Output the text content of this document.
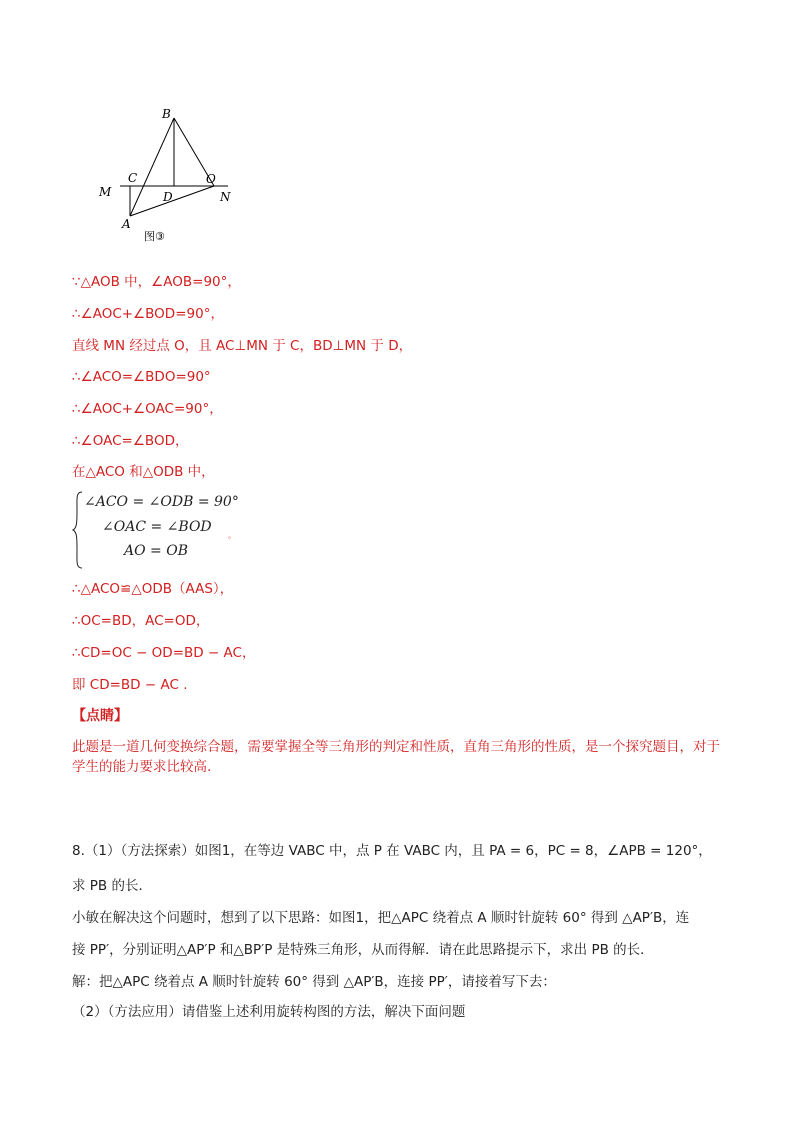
B
C
D
O
M	N
A
图③
∵△AOB 中，∠AOB=90°，
∴∠AOC+∠BOD=90°，
直线 MN 经过点 O，且 AC⊥MN 于 C，BD⊥MN 于 D，
∴∠ACO=∠BDO=90°
∴∠AOC+∠OAC=90°，
∴∠OAC=∠BOD，
在△ACO 和△ODB 中，
∠ACO = ∠ODB = 90°
∠OAC = ∠BOD
AO = OB
。
∴△ACO≌△ODB（AAS），
∴OC=BD，AC=OD，
∴CD=OC − OD=BD − AC，
即 CD=BD − AC .
【点睛】
此题是一道几何变换综合题，需要掌握全等三角形的判定和性质，直角三角形的性质，是一个探究题目，对于学生的能力要求比较高.
8.（1）（方法探索）如图1，在等边 VABC 中，点 P 在 VABC 内，且 PA = 6，PC = 8，∠APB = 120°，
求 PB 的长．
小敏在解决这个问题时，想到了以下思路：如图1，把△APC 绕着点 A 顺时针旋转 60° 得到 △AP′B，连
接 PP′，分别证明△AP′P 和△BP′P 是特殊三角形，从而得解．请在此思路提示下，求出 PB 的长．
解：把△APC 绕着点 A 顺时针旋转 60° 得到 △AP′B，连接 PP′，请接着写下去：
（2）（方法应用）请借鉴上述利用旋转构图的方法，解决下面问题
